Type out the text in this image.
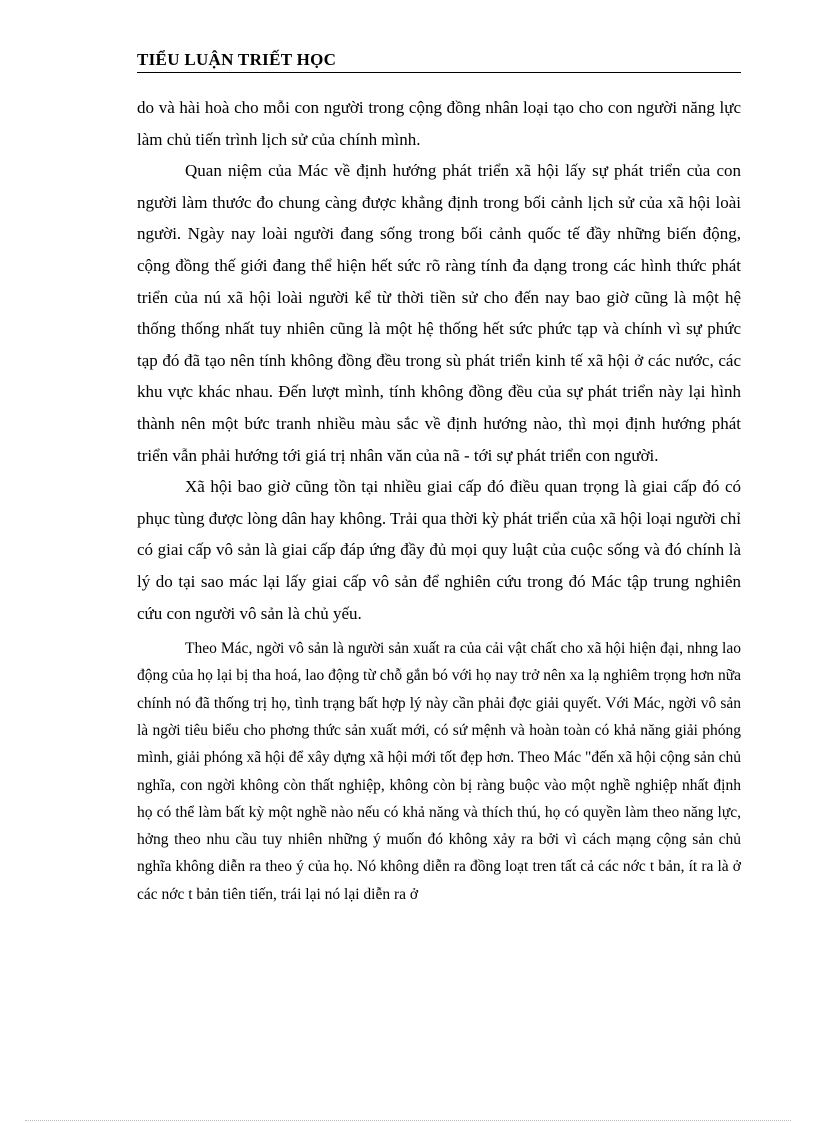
TIỂU LUẬN TRIẾT HỌC

do và hài hoà cho mỗi con người trong cộng đồng nhân loại tạo cho con người năng lực làm chủ tiến trình lịch sử của chính mình.

Quan niệm của Mác về định hướng phát triển xã hội lấy sự phát triển của con người làm thước đo chung càng được khẳng định trong bối cảnh lịch sử của xã hội loài người. Ngày nay loài người đang sống trong bối cảnh quốc tế đầy những biến động, cộng đồng thế giới đang thể hiện hết sức rõ ràng tính đa dạng trong các hình thức phát triển của nú xã hội loài người kể từ thời tiền sử cho đến nay bao giờ cũng là một hệ thống thống nhất tuy nhiên cũng là một hệ thống hết sức phức tạp và chính vì sự phức tạp đó đã tạo nên tính không đồng đều trong sù phát triển kinh tế xã hội ở các nước, các khu vực khác nhau. Đến lượt mình, tính không đồng đều của sự phát triển này lại hình thành nên một bức tranh nhiều màu sắc về định hướng nào, thì mọi định hướng phát triển vẫn phải hướng tới giá trị nhân văn của nã - tới sự phát triển con người.

Xã hội bao giờ cũng tồn tại nhiều giai cấp đó điều quan trọng là giai cấp đó có phục tùng được lòng dân hay không. Trải qua thời kỳ phát triển của xã hội loại người chỉ có giai cấp vô sản là giai cấp đáp ứng đầy đủ mọi quy luật của cuộc sống và đó chính là lý do tại sao mác lại lấy giai cấp vô sản để nghiên cứu trong đó Mác tập trung nghiên cứu con người vô sản là chủ yếu.

Theo Mác, ngời vô sản là người sản xuất ra của cải vật chất cho xã hội hiện đại, nhng lao động của họ lại bị tha hoá, lao động từ chỗ gắn bó với họ nay trở nên xa lạ nghiêm trọng hơn nữa chính nó đã thống trị họ, tình trạng bất hợp lý này cần phải đợc giải quyết. Với Mác, ngời vô sản là ngời tiêu biểu cho phơng thức sản xuất mới, có sứ mệnh và hoàn toàn có khả năng giải phóng mình, giải phóng xã hội để xây dựng xã hội mới tốt đẹp hơn. Theo Mác "đến xã hội cộng sản chủ nghĩa, con ngời không còn thất nghiệp, không còn bị ràng buộc vào một nghề nghiệp nhất định họ có thể làm bất kỳ một nghề nào nếu có khả năng và thích thú, họ có quyền làm theo năng lực, hởng theo nhu cầu tuy nhiên những ý muốn đó không xảy ra bởi vì cách mạng cộng sản chủ nghĩa không diễn ra theo ý của họ. Nó không diễn ra đồng loạt tren tất cả các nớc t bản, ít ra là ở các nớc t bản tiên tiến, trái lại nó lại diễn ra ở
